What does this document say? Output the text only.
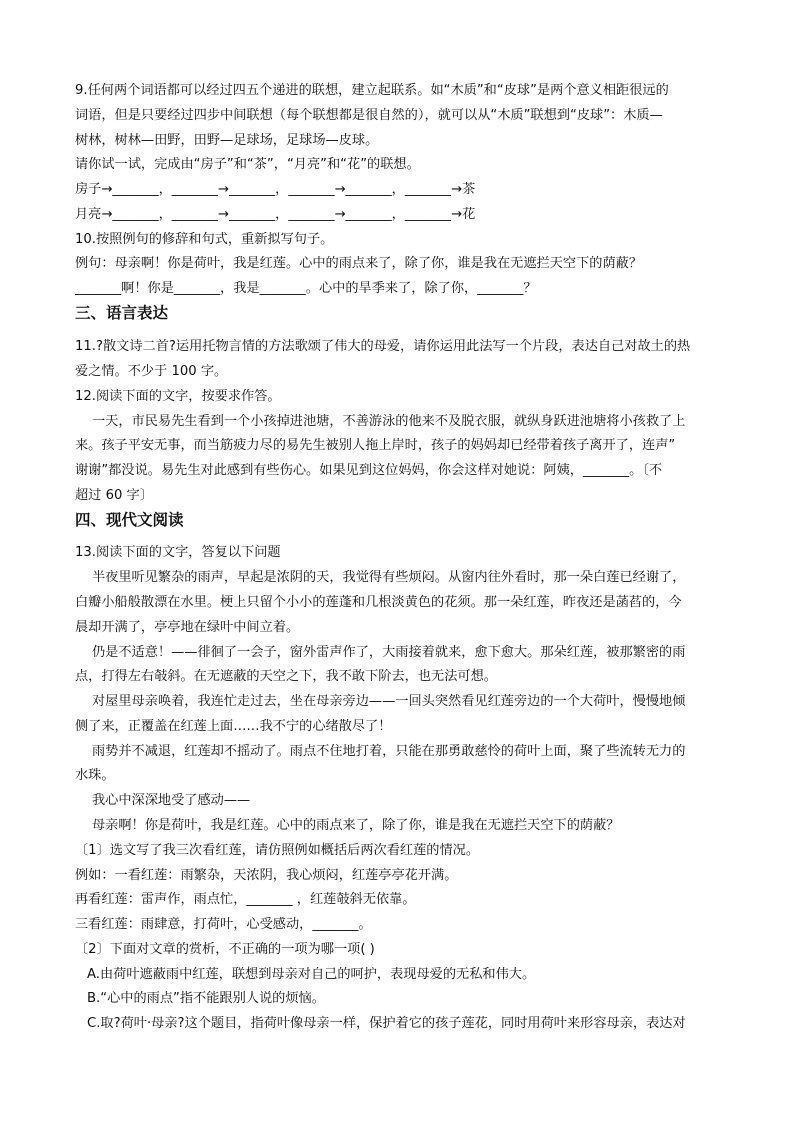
9.任何两个词语都可以经过四五个递进的联想，建立起联系。如“木质”和“皮球”是两个意义相距很远的
词语，但是只要经过四步中间联想（每个联想都是很自然的），就可以从“木质”联想到“皮球”：木质—
树林，树林—田野，田野—足球场，足球场—皮球。
请你试一试，完成由“房子”和“茶”，“月亮”和“花”的联想。
房子→_______，_______→_______，_______→_______，_______→茶
月亮→_______，_______→_______，_______→_______，_______→花
10.按照例句的修辞和句式，重新拟写句子。
例句：母亲啊！你是荷叶，我是红莲。心中的雨点来了，除了你，谁是我在无遮拦天空下的荫蔽？
_______啊！你是_______，我是_______。心中的旱季来了，除了你，_______？
三、语言表达
11.?散文诗二首?运用托物言情的方法歌颂了伟大的母爱，请你运用此法写一个片段，表达自己对故土的热
爱之情。不少于 100 字。
12.阅读下面的文字，按要求作答。
一天，市民易先生看到一个小孩掉进池塘，不善游泳的他来不及脱衣服，就纵身跃进池塘将小孩救了上
来。孩子平安无事，而当筋疲力尽的易先生被别人拖上岸时，孩子的妈妈却已经带着孩子离开了，连声”
谢谢”都没说。易先生对此感到有些伤心。如果见到这位妈妈，你会这样对她说：阿姨，_______。〔不
超过 60 字〕
四、现代文阅读
13.阅读下面的文字，答复以下问题
半夜里听见繁杂的雨声，早起是浓阴的天，我觉得有些烦闷。从窗内往外看时，那一朵白莲已经谢了，
白瓣小船般散漂在水里。梗上只留个小小的莲蓬和几根淡黄色的花须。那一朵红莲，昨夜还是菡萏的，今
晨却开满了，亭亭地在绿叶中间立着。
仍是不适意！——徘徊了一会子，窗外雷声作了，大雨接着就来，愈下愈大。那朵红莲，被那繁密的雨
点，打得左右攲斜。在无遮蔽的天空之下，我不敢下阶去，也无法可想。
对屋里母亲唤着，我连忙走过去，坐在母亲旁边——一回头突然看见红莲旁边的一个大荷叶，慢慢地倾
侧了来，正覆盖在红莲上面……我不宁的心绪散尽了！
雨势并不减退，红莲却不摇动了。雨点不住地打着，只能在那勇敢慈怜的荷叶上面，聚了些流转无力的
水珠。
我心中深深地受了感动——
母亲啊！你是荷叶，我是红莲。心中的雨点来了，除了你，谁是我在无遮拦天空下的荫蔽？
〔1〕选文写了我三次看红莲，请仿照例如概括后两次看红莲的情况。
例如：一看红莲：雨繁杂，天浓阴，我心烦闷，红莲亭亭花开满。
再看红莲：雷声作，雨点忙，_______ ，红莲攲斜无依靠。
三看红莲：雨肆意，打荷叶，心受感动，_______。
〔2〕下面对文章的赏析，不正确的一项为哪一项( )
A.由荷叶遮蔽雨中红莲，联想到母亲对自己的呵护，表现母爱的无私和伟大。
B.“心中的雨点”指不能跟别人说的烦恼。
C.取?荷叶·母亲?这个题目，指荷叶像母亲一样，保护着它的孩子莲花，同时用荷叶来形容母亲，表达对
